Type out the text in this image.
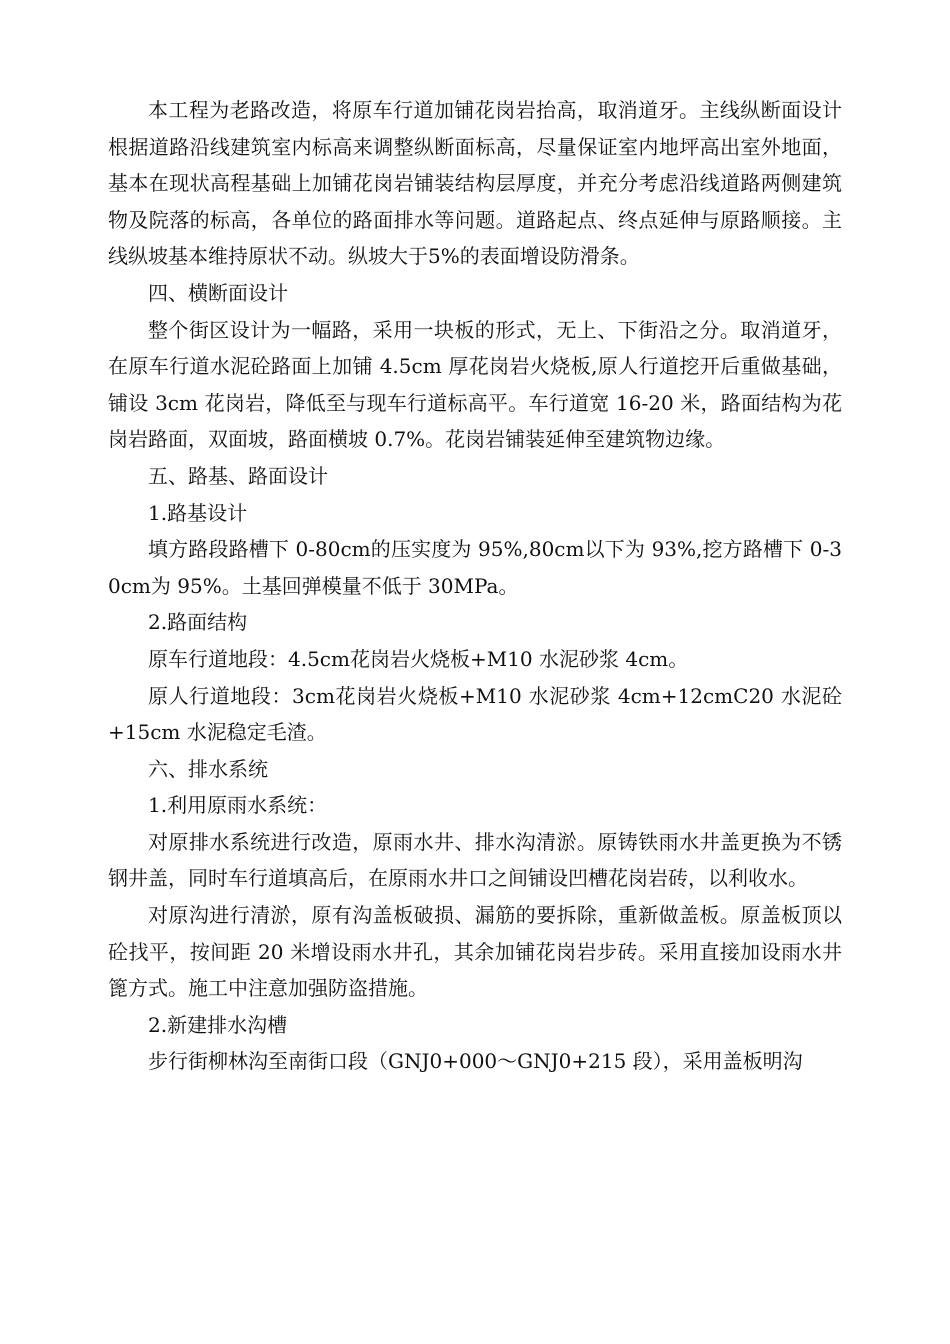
本工程为老路改造，将原车行道加铺花岗岩抬高，取消道牙。主线纵断面设计根据道路沿线建筑室内标高来调整纵断面标高，尽量保证室内地坪高出室外地面，基本在现状高程基础上加铺花岗岩铺装结构层厚度，并充分考虑沿线道路两侧建筑物及院落的标高，各单位的路面排水等问题。道路起点、终点延伸与原路顺接。主线纵坡基本维持原状不动。纵坡大于5%的表面增设防滑条。

四、横断面设计

整个街区设计为一幅路，采用一块板的形式，无上、下街沿之分。取消道牙，在原车行道水泥砼路面上加铺 4.5cm 厚花岗岩火烧板,原人行道挖开后重做基础，铺设 3cm 花岗岩，降低至与现车行道标高平。车行道宽 16-20 米，路面结构为花岗岩路面，双面坡，路面横坡 0.7%。花岗岩铺装延伸至建筑物边缘。

五、路基、路面设计

1.路基设计

填方路段路槽下 0-80cm的压实度为 95%,80cm以下为 93%,挖方路槽下 0-30cm为 95%。土基回弹模量不低于 30MPa。

2.路面结构

原车行道地段：4.5cm花岗岩火烧板+M10 水泥砂浆 4cm。

原人行道地段：3cm花岗岩火烧板+M10 水泥砂浆 4cm+12cmC20 水泥砼+15cm 水泥稳定毛渣。

六、排水系统

1.利用原雨水系统：

对原排水系统进行改造，原雨水井、排水沟清淤。原铸铁雨水井盖更换为不锈钢井盖，同时车行道填高后，在原雨水井口之间铺设凹槽花岗岩砖，以利收水。

对原沟进行清淤，原有沟盖板破损、漏筋的要拆除，重新做盖板。原盖板顶以砼找平，按间距 20 米增设雨水井孔，其余加铺花岗岩步砖。采用直接加设雨水井篦方式。施工中注意加强防盗措施。

2.新建排水沟槽

步行街柳林沟至南街口段（GNJ0+000～GNJ0+215 段），采用盖板明沟
